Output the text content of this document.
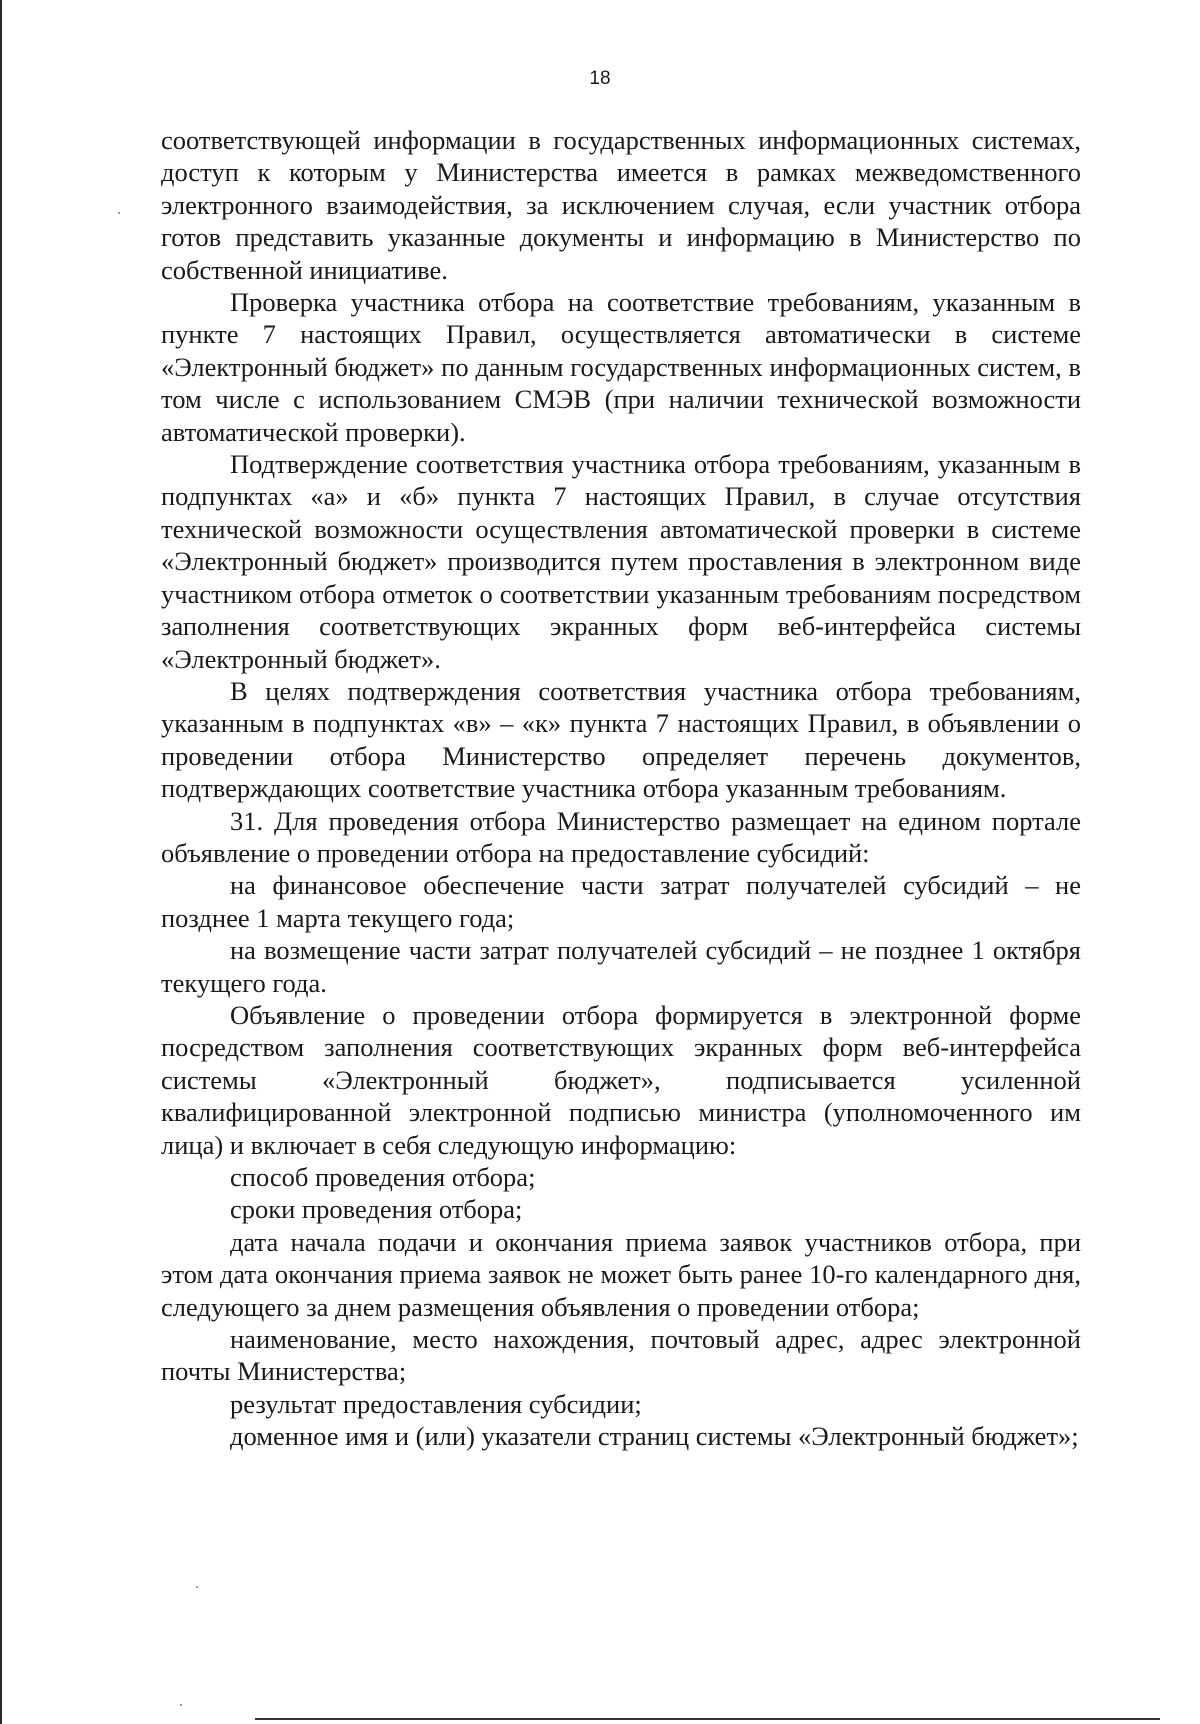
18

соответствующей информации в государственных информационных системах, доступ к которым у Министерства имеется в рамках межведомственного электронного взаимодействия, за исключением случая, если участник отбора готов представить указанные документы и информацию в Министерство по собственной инициативе.

Проверка участника отбора на соответствие требованиям, указанным в пункте 7 настоящих Правил, осуществляется автоматически в системе «Электронный бюджет» по данным государственных информационных систем, в том числе с использованием СМЭВ (при наличии технической возможности автоматической проверки).

Подтверждение соответствия участника отбора требованиям, указанным в подпунктах «а» и «б» пункта 7 настоящих Правил, в случае отсутствия технической возможности осуществления автоматической проверки в системе «Электронный бюджет» производится путем проставления в электронном виде участником отбора отметок о соответствии указанным требованиям посредством заполнения соответствующих экранных форм веб-интерфейса системы «Электронный бюджет».

В целях подтверждения соответствия участника отбора требованиям, указанным в подпунктах «в» – «к» пункта 7 настоящих Правил, в объявлении о проведении отбора Министерство определяет перечень документов, подтверждающих соответствие участника отбора указанным требованиям.

31. Для проведения отбора Министерство размещает на едином портале объявление о проведении отбора на предоставление субсидий:

на финансовое обеспечение части затрат получателей субсидий – не позднее 1 марта текущего года;

на возмещение части затрат получателей субсидий – не позднее 1 октября текущего года.

Объявление о проведении отбора формируется в электронной форме посредством заполнения соответствующих экранных форм веб-интерфейса системы «Электронный бюджет», подписывается усиленной квалифицированной электронной подписью министра (уполномоченного им лица) и включает в себя следующую информацию:

способ проведения отбора;

сроки проведения отбора;

дата начала подачи и окончания приема заявок участников отбора, при этом дата окончания приема заявок не может быть ранее 10-го календарного дня, следующего за днем размещения объявления о проведении отбора;

наименование, место нахождения, почтовый адрес, адрес электронной почты Министерства;

результат предоставления субсидии;

доменное имя и (или) указатели страниц системы «Электронный бюджет»;
